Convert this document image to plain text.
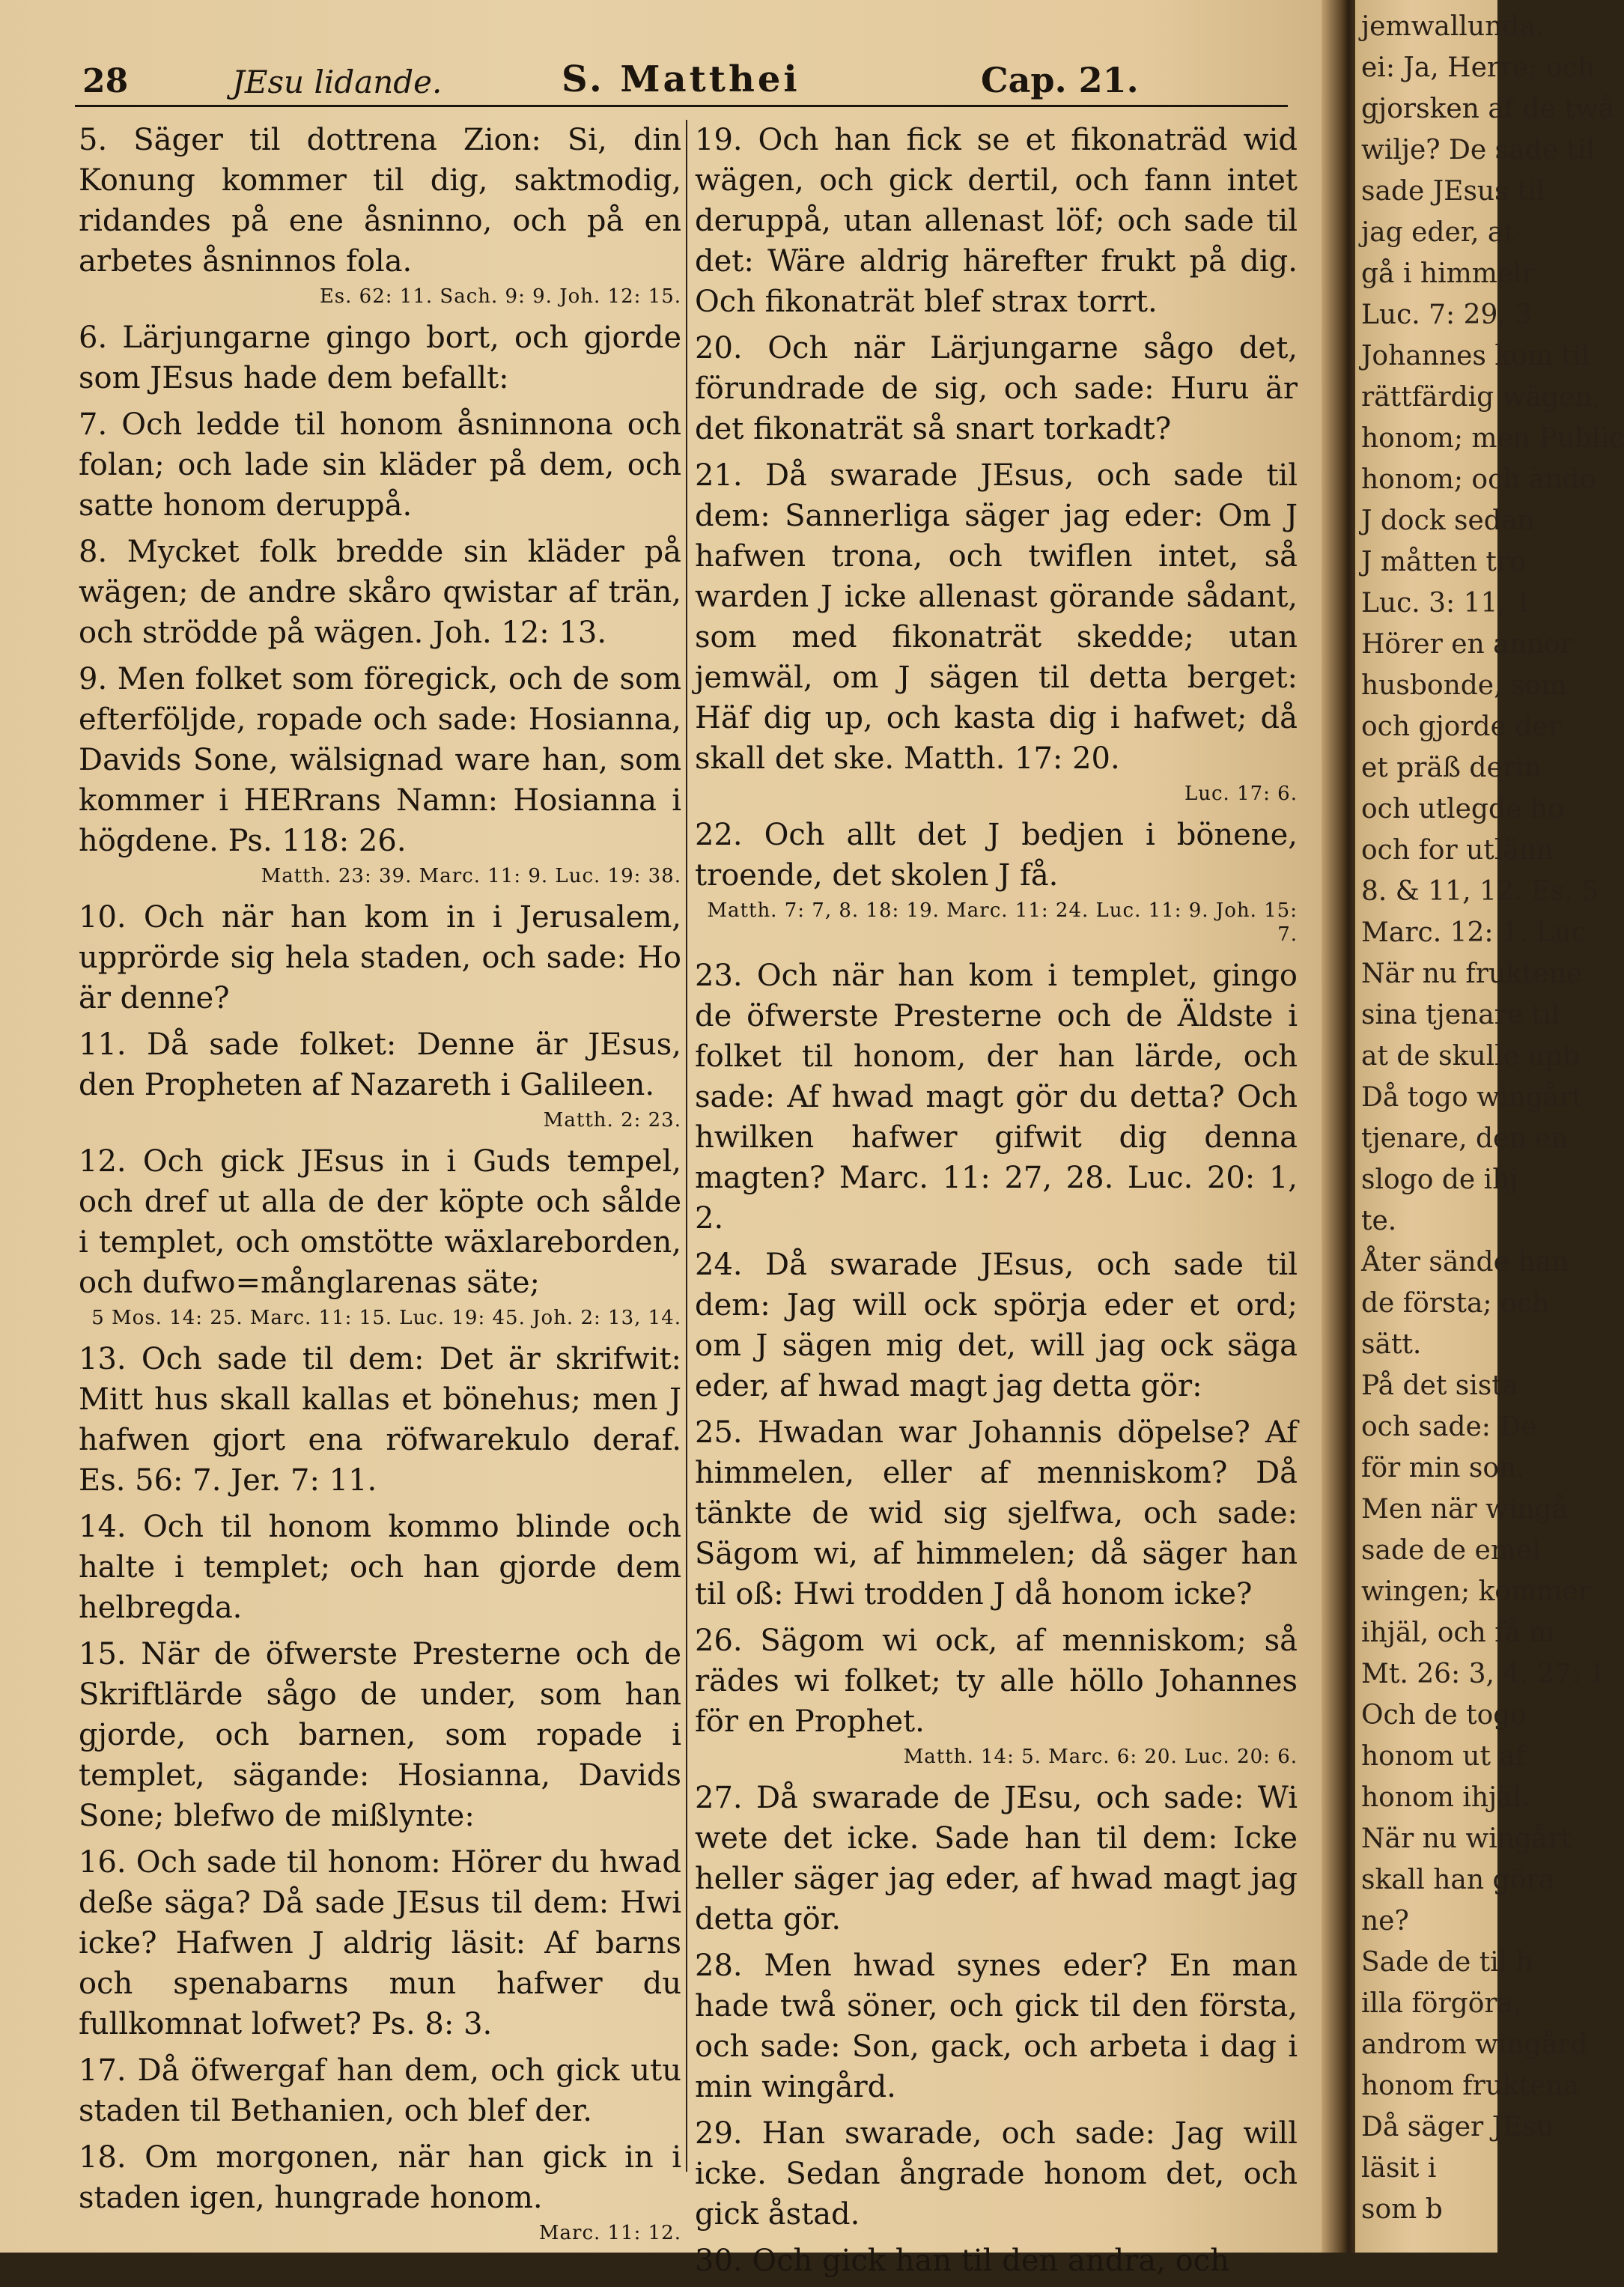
28	JEsu lidande.	S. Matthei	Cap. 21.

5. Säger til dottrena Zion: Si, din Konung kommer til dig, saktmodig, ridandes på ene åsninno, och på en arbetes åsninnos fola.

Es. 62: 11. Sach. 9: 9. Joh. 12: 15.

6. Lärjungarne gingo bort, och gjorde som JEsus hade dem befallt:

7. Och ledde til honom åsninnona och folan; och lade sin kläder på dem, och satte honom deruppå.

8. Mycket folk bredde sin kläder på wägen; de andre skåro qwistar af trän, och strödde på wägen. Joh. 12: 13.

9. Men folket som föregick, och de som efterföljde, ropade och sade: Hosianna, Davids Sone, wälsignad ware han, som kommer i HERrans Namn: Hosianna i högdene. Ps. 118: 26.

Matth. 23: 39. Marc. 11: 9. Luc. 19: 38.

10. Och när han kom in i Jerusalem, upprörde sig hela staden, och sade: Ho är denne?

11. Då sade folket: Denne är JEsus, den Propheten af Nazareth i Galileen.

Matth. 2: 23.

12. Och gick JEsus in i Guds tempel, och dref ut alla de der köpte och sålde i templet, och omstötte wäxlareborden, och dufwo=månglarenas säte;

5 Mos. 14: 25. Marc. 11: 15. Luc. 19: 45. Joh. 2: 13, 14.

13. Och sade til dem: Det är skrifwit: Mitt hus skall kallas et bönehus; men J hafwen gjort ena röfwarekulo deraf. Es. 56: 7. Jer. 7: 11.

14. Och til honom kommo blinde och halte i templet; och han gjorde dem helbregda.

15. När de öfwerste Presterne och de Skriftlärde sågo de under, som han gjorde, och barnen, som ropade i templet, sägande: Hosianna, Davids Sone; blefwo de mißlynte:

16. Och sade til honom: Hörer du hwad deße säga? Då sade JEsus til dem: Hwi icke? Hafwen J aldrig läsit: Af barns och spenabarns mun hafwer du fullkomnat lofwet? Ps. 8: 3.

17. Då öfwergaf han dem, och gick utu staden til Bethanien, och blef der.

18. Om morgonen, när han gick in i staden igen, hungrade honom.

Marc. 11: 12.

19. Och han fick se et fikonaträd wid wägen, och gick dertil, och fann intet deruppå, utan allenast löf; och sade til det: Wäre aldrig härefter frukt på dig. Och fikonaträt blef strax torrt.

20. Och när Lärjungarne sågo det, förundrade de sig, och sade: Huru är det fikonaträt så snart torkadt?

21. Då swarade JEsus, och sade til dem: Sannerliga säger jag eder: Om J hafwen trona, och twiflen intet, så warden J icke allenast görande sådant, som med fikonaträt skedde; utan jemwäl, om J sägen til detta berget: Häf dig up, och kasta dig i hafwet; då skall det ske. Matth. 17: 20.

Luc. 17: 6.

22. Och allt det J bedjen i bönene, troende, det skolen J få.

Matth. 7: 7, 8. 18: 19. Marc. 11: 24. Luc. 11: 9. Joh. 15: 7.

23. Och när han kom i templet, gingo de öfwerste Presterne och de Äldste i folket til honom, der han lärde, och sade: Af hwad magt gör du detta? Och hwilken hafwer gifwit dig denna magten? Marc. 11: 27, 28. Luc. 20: 1, 2.

24. Då swarade JEsus, och sade til dem: Jag will ock spörja eder et ord; om J sägen mig det, will jag ock säga eder, af hwad magt jag detta gör:

25. Hwadan war Johannis döpelse? Af himmelen, eller af menniskom? Då tänkte de wid sig sjelfwa, och sade: Sägom wi, af himmelen; då säger han til oß: Hwi trodden J då honom icke?

26. Sägom wi ock, af menniskom; så rädes wi folket; ty alle höllo Johannes för en Prophet.

Matth. 14: 5. Marc. 6: 20. Luc. 20: 6.

27. Då swarade de JEsu, och sade: Wi wete det icke. Sade han til dem: Icke heller säger jag eder, af hwad magt jag detta gör.

28. Men hwad synes eder? En man hade twå söner, och gick til den första, och sade: Son, gack, och arbeta i dag i min wingård.

29. Han swarade, och sade: Jag will icke. Sedan ångrade honom det, och gick åstad.

30. Och gick han til den andra, och

jemwallunda.
ei: Ja, Herre; och
gjorsken af de twå
wilje? De sade til
sade JEsus til
jag eder, at
gå i himmelr
Luc. 7: 29, 3
Johannes kom til
rättfärdig wägen,
honom; men Public
honom; och ändo
J dock sedan
J måtten tro
Luc. 3: 11, 1
Hörer en annor
husbonde, som
och gjorde der
et präß derin
och utlegde ho
och for utlänn
8. & 11, 12. Es. 5
Marc. 12: 1. Luc
När nu fruktene
sina tjenare til
at de skulle upb
Då togo wingårt
tjenare, den en
slogo de ihj
te.
Åter sände han
de första; och
sätt.
På det sista
och sade: De
för min son.
Men när wingå
sade de emel
wingen; kommer
ihjäl, och få m
Mt. 26: 3, 4. 27: 1
Och de togo
honom ut af
honom ihjäl.
När nu wingårt
skall han göra
ne?
Sade de til h
illa förgöra,
androm wingård
honom fruktena
Då säger JEsu
läsit i
som b
